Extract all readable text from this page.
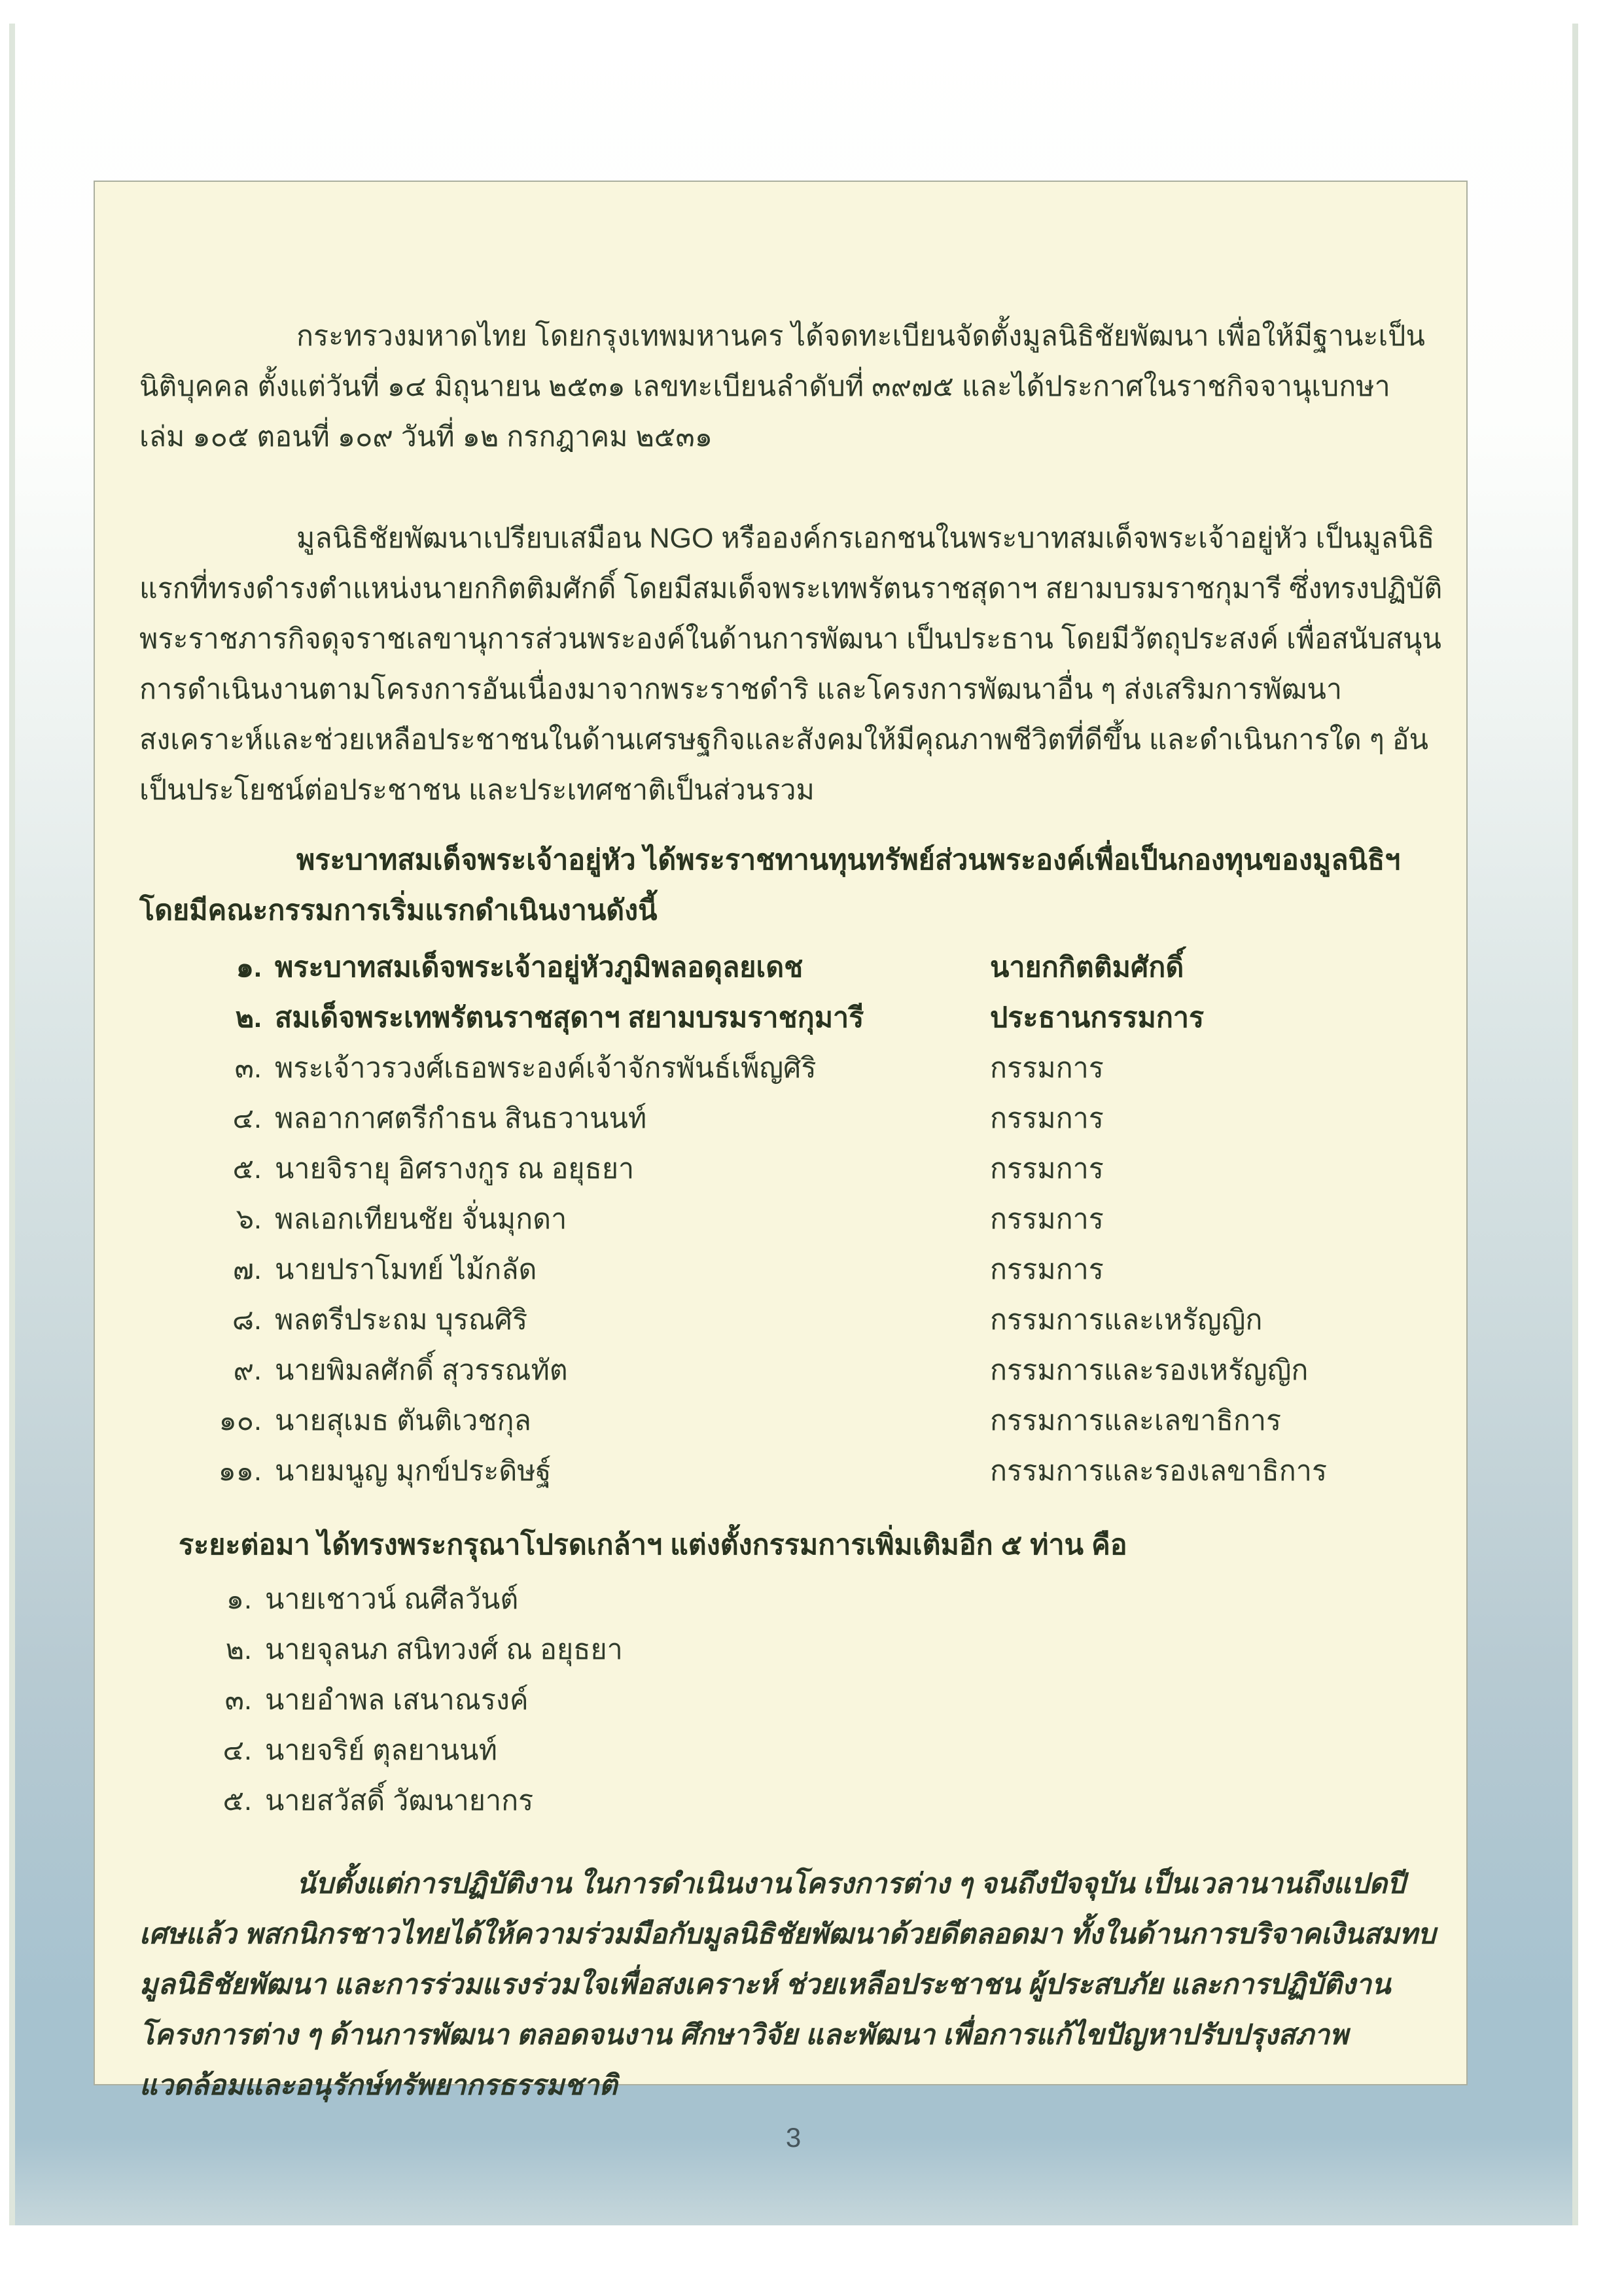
กระทรวงมหาดไทย โดยกรุงเทพมหานคร ได้จดทะเบียนจัดตั้งมูลนิธิชัยพัฒนา เพื่อให้มีฐานะเป็นนิติบุคคล ตั้งแต่วันที่ ๑๔ มิถุนายน ๒๕๓๑ เลขทะเบียนลำดับที่ ๓๙๗๕ และได้ประกาศในราชกิจจานุเบกษา เล่ม ๑๐๕ ตอนที่ ๑๐๙ วันที่ ๑๒ กรกฎาคม ๒๕๓๑

มูลนิธิชัยพัฒนาเปรียบเสมือน NGO หรือองค์กรเอกชนในพระบาทสมเด็จพระเจ้าอยู่หัว เป็นมูลนิธิแรกที่ทรงดำรงตำแหน่งนายกกิตติมศักดิ์ โดยมีสมเด็จพระเทพรัตนราชสุดาฯ สยามบรมราชกุมารี ซึ่งทรงปฏิบัติพระราชภารกิจดุจราชเลขานุการส่วนพระองค์ในด้านการพัฒนา เป็นประธาน โดยมีวัตถุประสงค์ เพื่อสนับสนุนการดำเนินงานตามโครงการอันเนื่องมาจากพระราชดำริ และโครงการพัฒนาอื่น ๆ ส่งเสริมการพัฒนา สงเคราะห์และช่วยเหลือประชาชนในด้านเศรษฐกิจและสังคมให้มีคุณภาพชีวิตที่ดีขึ้น และดำเนินการใด ๆ อันเป็นประโยชน์ต่อประชาชน และประเทศชาติเป็นส่วนรวม

พระบาทสมเด็จพระเจ้าอยู่หัว ได้พระราชทานทุนทรัพย์ส่วนพระองค์เพื่อเป็นกองทุนของมูลนิธิฯ โดยมีคณะกรรมการเริ่มแรกดำเนินงานดังนี้

๑. พระบาทสมเด็จพระเจ้าอยู่หัวภูมิพลอดุลยเดช	นายกกิตติมศักดิ์
๒. สมเด็จพระเทพรัตนราชสุดาฯ สยามบรมราชกุมารี	ประธานกรรมการ
๓. พระเจ้าวรวงศ์เธอพระองค์เจ้าจักรพันธ์เพ็ญศิริ	กรรมการ
๔. พลอากาศตรีกำธน สินธวานนท์	กรรมการ
๕. นายจิรายุ อิศรางกูร ณ อยุธยา	กรรมการ
๖. พลเอกเทียนชัย จั่นมุกดา	กรรมการ
๗. นายปราโมทย์ ไม้กลัด	กรรมการ
๘. พลตรีประถม บุรณศิริ	กรรมการและเหรัญญิก
๙. นายพิมลศักดิ์ สุวรรณทัต	กรรมการและรองเหรัญญิก
๑๐. นายสุเมธ ตันติเวชกุล	กรรมการและเลขาธิการ
๑๑. นายมนูญ มุกข์ประดิษฐ์	กรรมการและรองเลขาธิการ

ระยะต่อมา ได้ทรงพระกรุณาโปรดเกล้าฯ แต่งตั้งกรรมการเพิ่มเติมอีก ๕ ท่าน คือ

๑. นายเชาวน์ ณศีลวันต์
๒. นายจุลนภ สนิทวงศ์ ณ อยุธยา
๓. นายอำพล เสนาณรงค์
๔. นายจริย์ ตุลยานนท์
๕. นายสวัสดิ์ วัฒนายากร

นับตั้งแต่การปฏิบัติงาน ในการดำเนินงานโครงการต่าง ๆ จนถึงปัจจุบัน เป็นเวลานานถึงแปดปีเศษแล้ว พสกนิกรชาวไทยได้ให้ความร่วมมือกับมูลนิธิชัยพัฒนาด้วยดีตลอดมา ทั้งในด้านการบริจาคเงินสมทบมูลนิธิชัยพัฒนา และการร่วมแรงร่วมใจเพื่อสงเคราะห์ ช่วยเหลือประชาชน ผู้ประสบภัย และการปฏิบัติงานโครงการต่าง ๆ ด้านการพัฒนา ตลอดจนงาน ศึกษาวิจัย และพัฒนา เพื่อการแก้ไขปัญหาปรับปรุงสภาพแวดล้อมและอนุรักษ์ทรัพยากรธรรมชาติ

3
